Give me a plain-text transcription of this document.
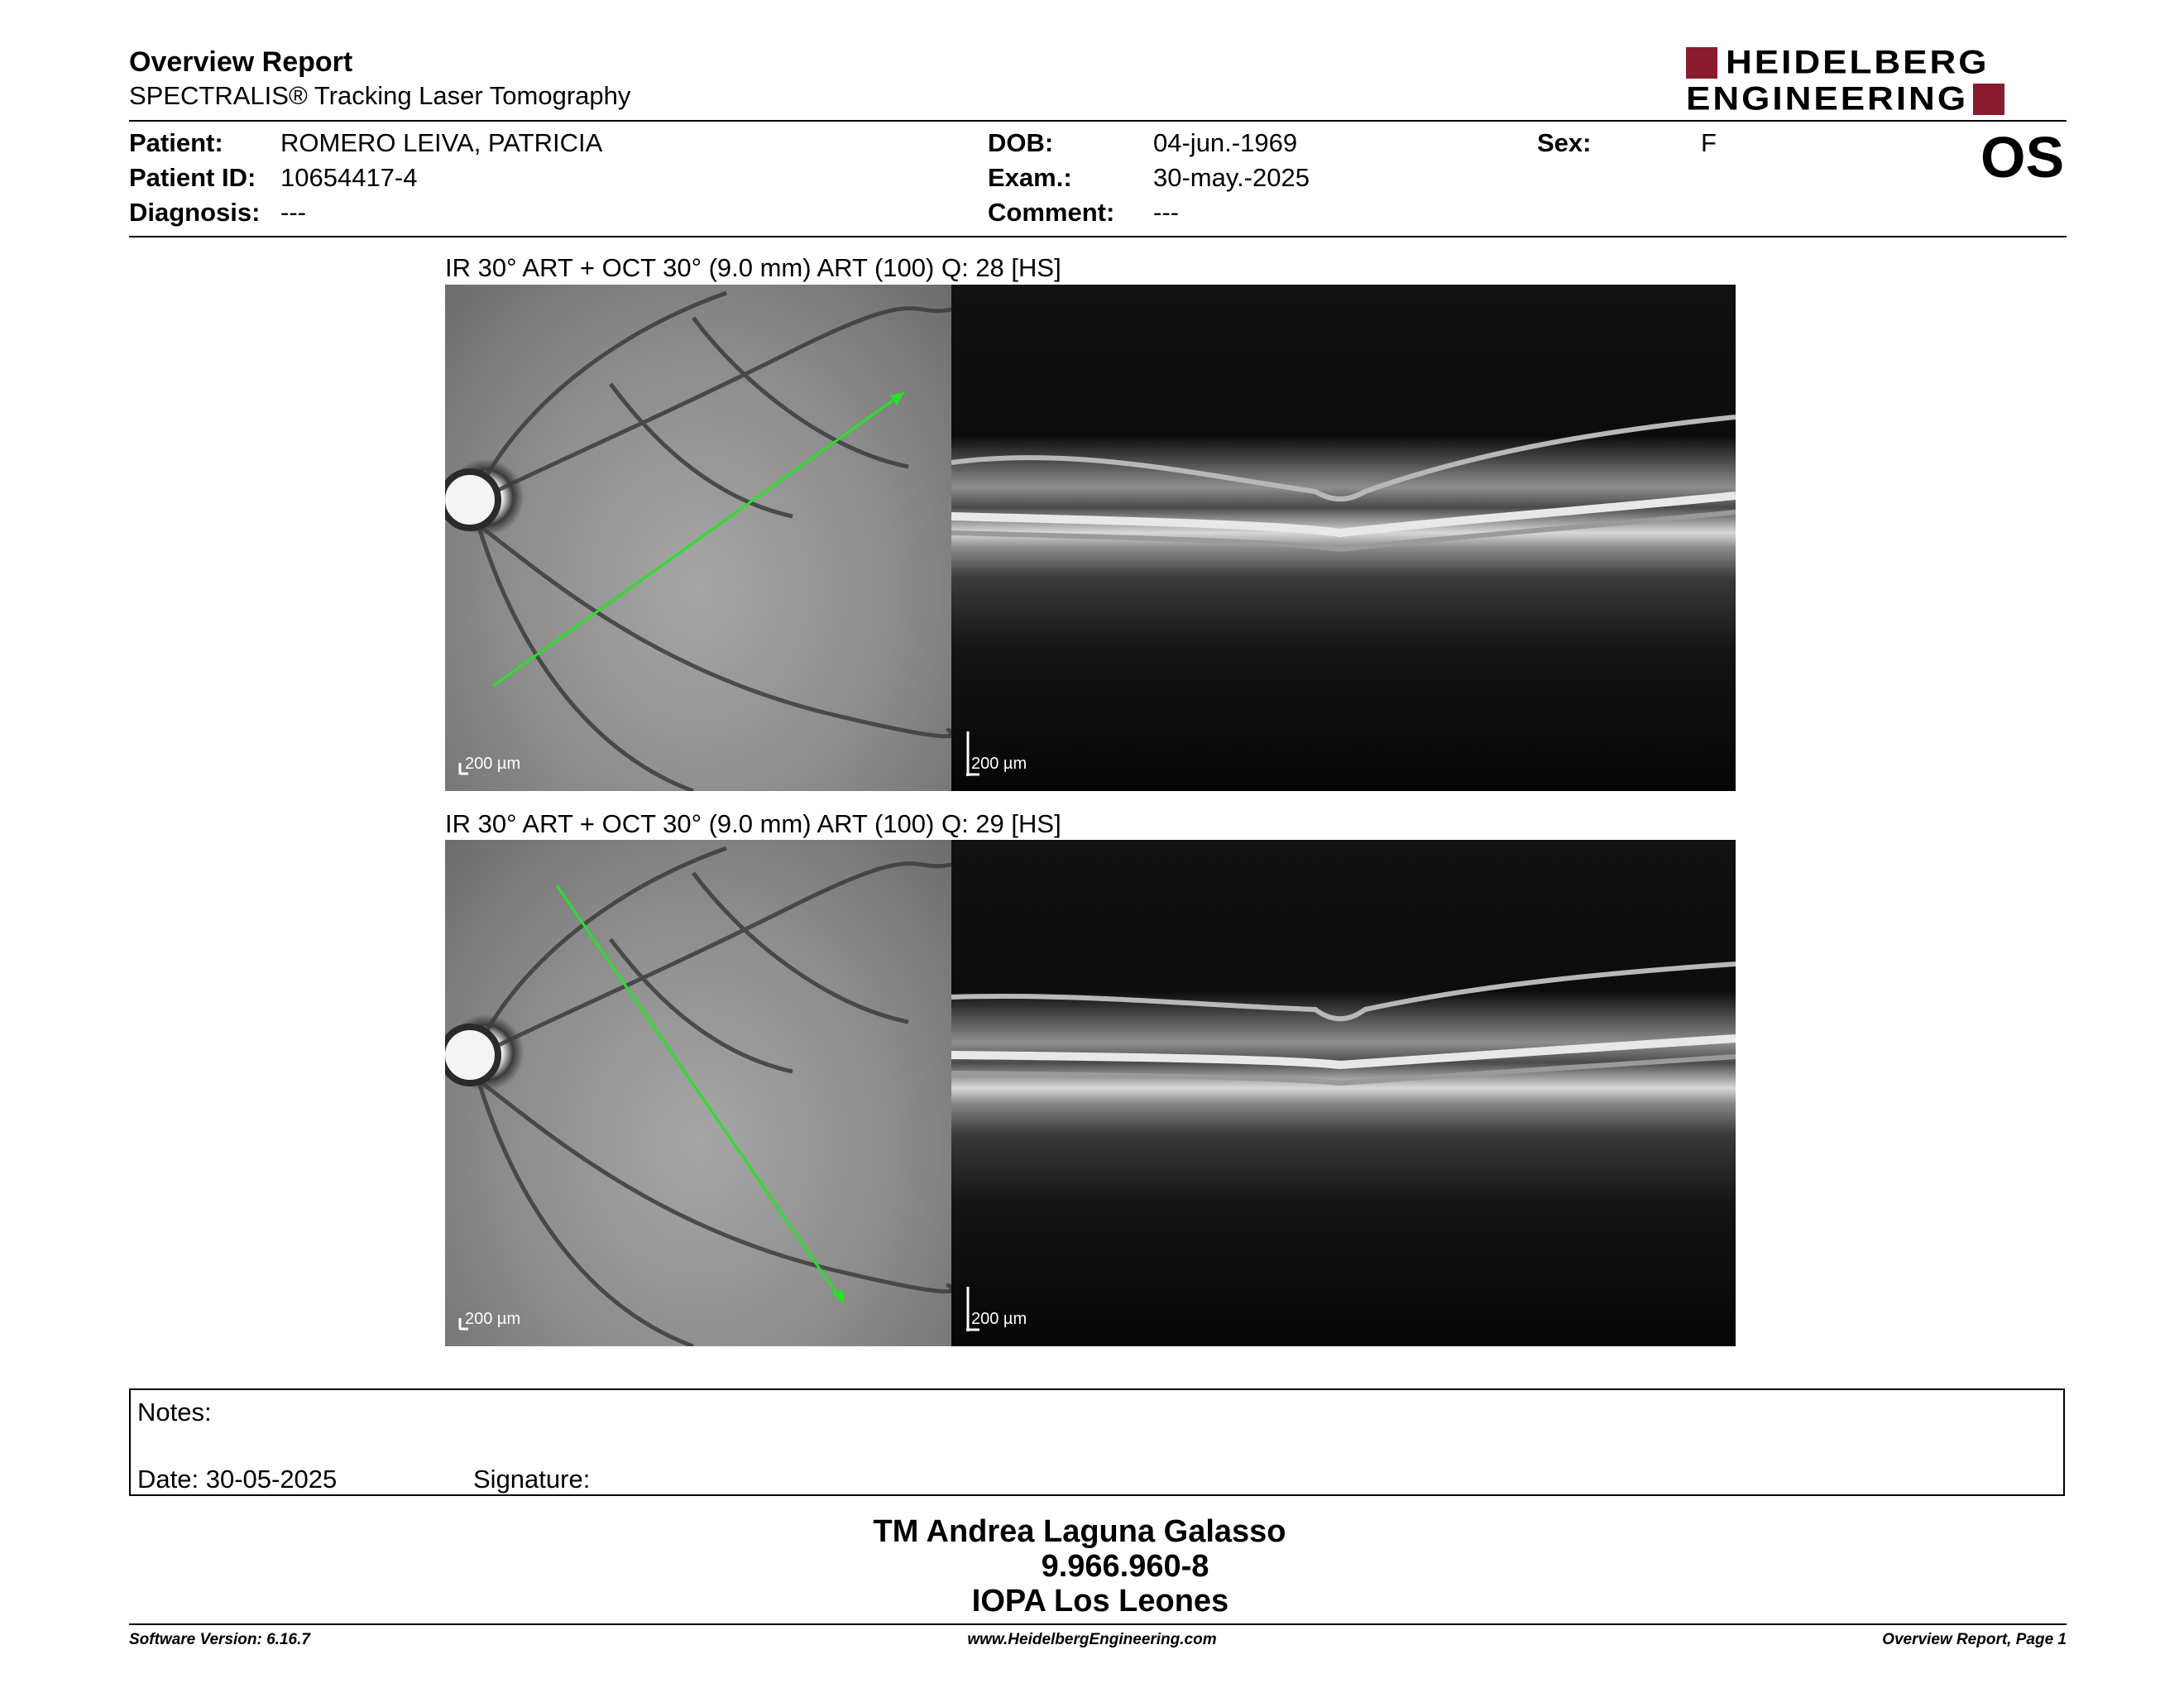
Overview Report
SPECTRALIS® Tracking Laser Tomography
HEIDELBERG
ENGINEERING
Patient: ROMERO LEIVA, PATRICIA
Patient ID: 10654417-4
Diagnosis: ---
DOB:	04-jun.-1969
Exam.:	30-may.-2025
Comment: ---
Sex:	F	OS
IR 30° ART + OCT 30° (9.0 mm) ART (100) Q: 28 [HS]
200 µm	200 µm
IR 30° ART + OCT 30° (9.0 mm) ART (100) Q: 29 [HS]
200 µm	200 µm
Notes:
Date: 30-05-2025	Signature:
TM Andrea Laguna Galasso
9.966.960-8
IOPA Los Leones
Software Version: 6.16.7	www.HeidelbergEngineering.com	Overview Report, Page 1
